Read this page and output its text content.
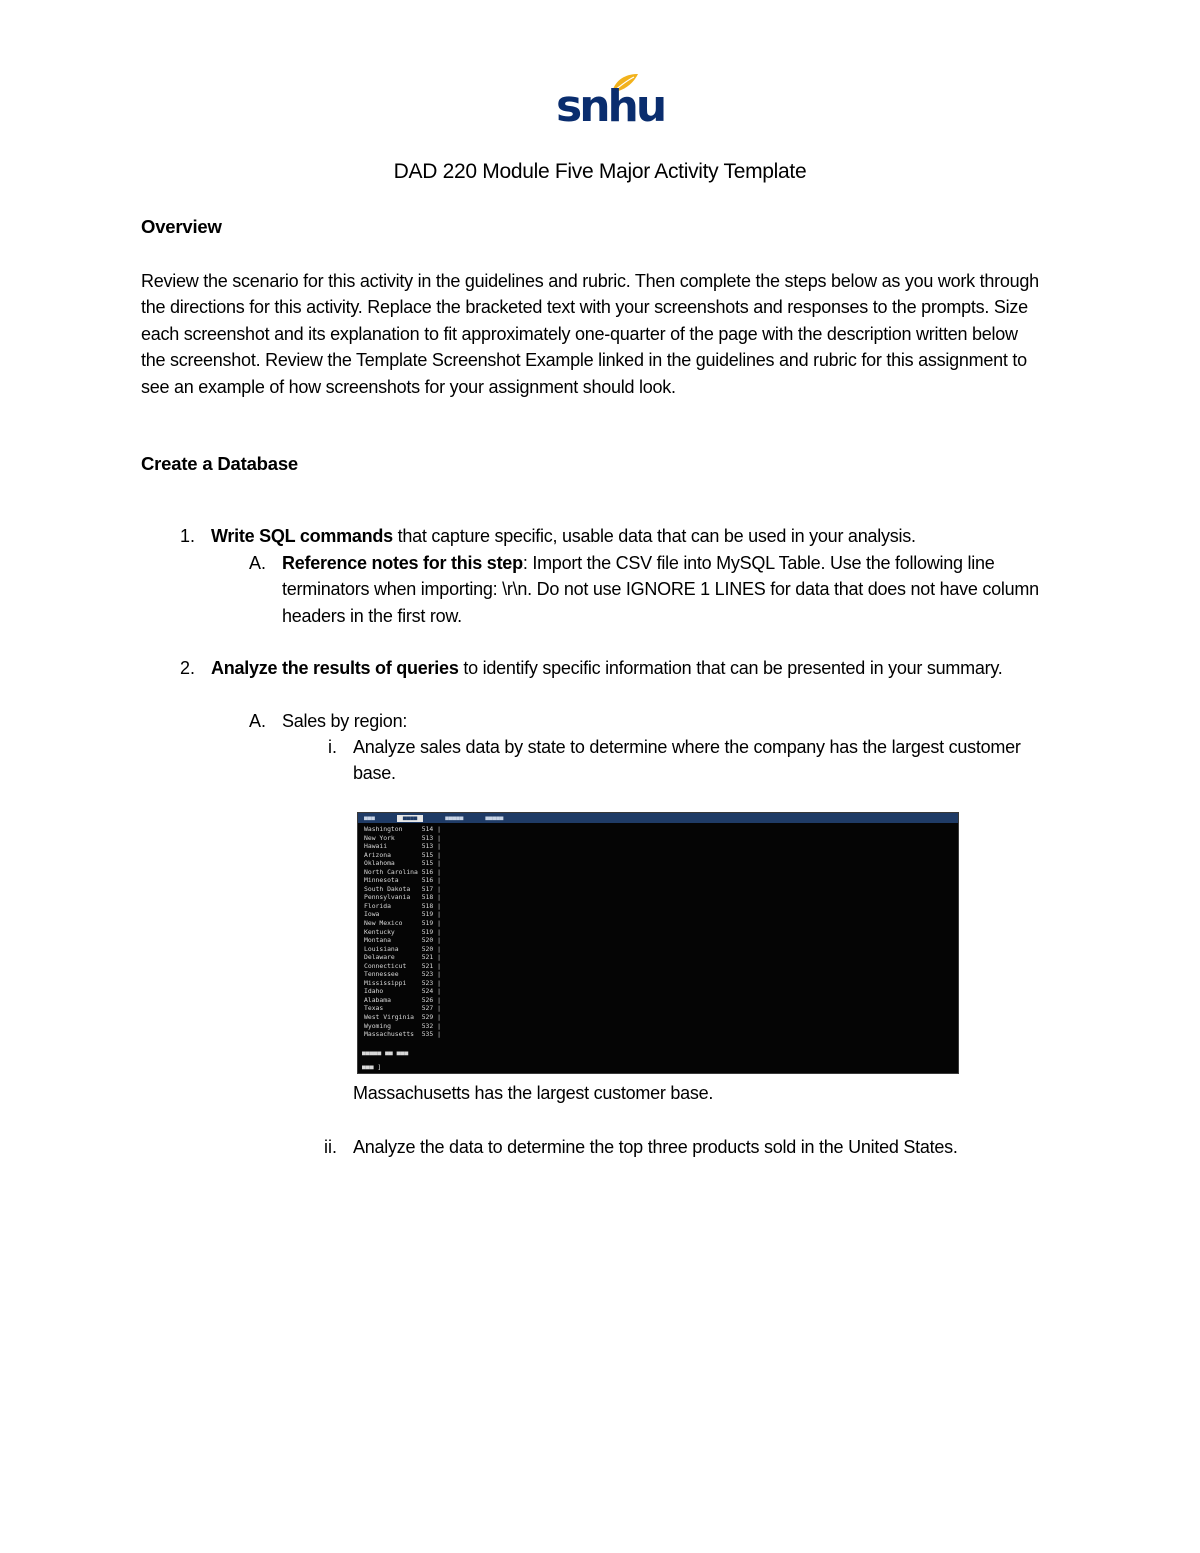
snhu
DAD 220 Module Five Major Activity Template
Overview
Review the scenario for this activity in the guidelines and rubric. Then complete the steps below as you work through the directions for this activity. Replace the bracketed text with your screenshots and responses to the prompts. Size each screenshot and its explanation to fit approximately one-quarter of the page with the description written below the screenshot. Review the Template Screenshot Example linked in the guidelines and rubric for this assignment to see an example of how screenshots for your assignment should look.
Create a Database
1. Write SQL commands that capture specific, usable data that can be used in your analysis.
A. Reference notes for this step: Import the CSV file into MySQL Table. Use the following line terminators when importing: \r\n. Do not use IGNORE 1 LINES for data that does not have column headers in the first row.
2. Analyze the results of queries to identify specific information that can be presented in your summary.
A. Sales by region:
i. Analyze sales data by state to determine where the company has the largest customer base.
■■■	■■■■	■■■■■	■■■■■
Washington     514 |
New York       513 |
Hawaii         513 |
Arizona        515 |
Oklahoma       515 |
North Carolina 516 |
Minnesota      516 |
South Dakota   517 |
Pennsylvania   518 |
Florida        518 |
Iowa           519 |
New Mexico     519 |
Kentucky       519 |
Montana        520 |
Louisiana      520 |
Delaware       521 |
Connecticut    521 |
Tennessee      523 |
Mississippi    523 |
Idaho          524 |
Alabama        526 |
Texas          527 |
West Virginia  529 |
Wyoming        532 |
Massachusetts  535 |
■■■■■ ■■ ■■■
■■■ ]
Massachusetts has the largest customer base.
ii. Analyze the data to determine the top three products sold in the United States.
